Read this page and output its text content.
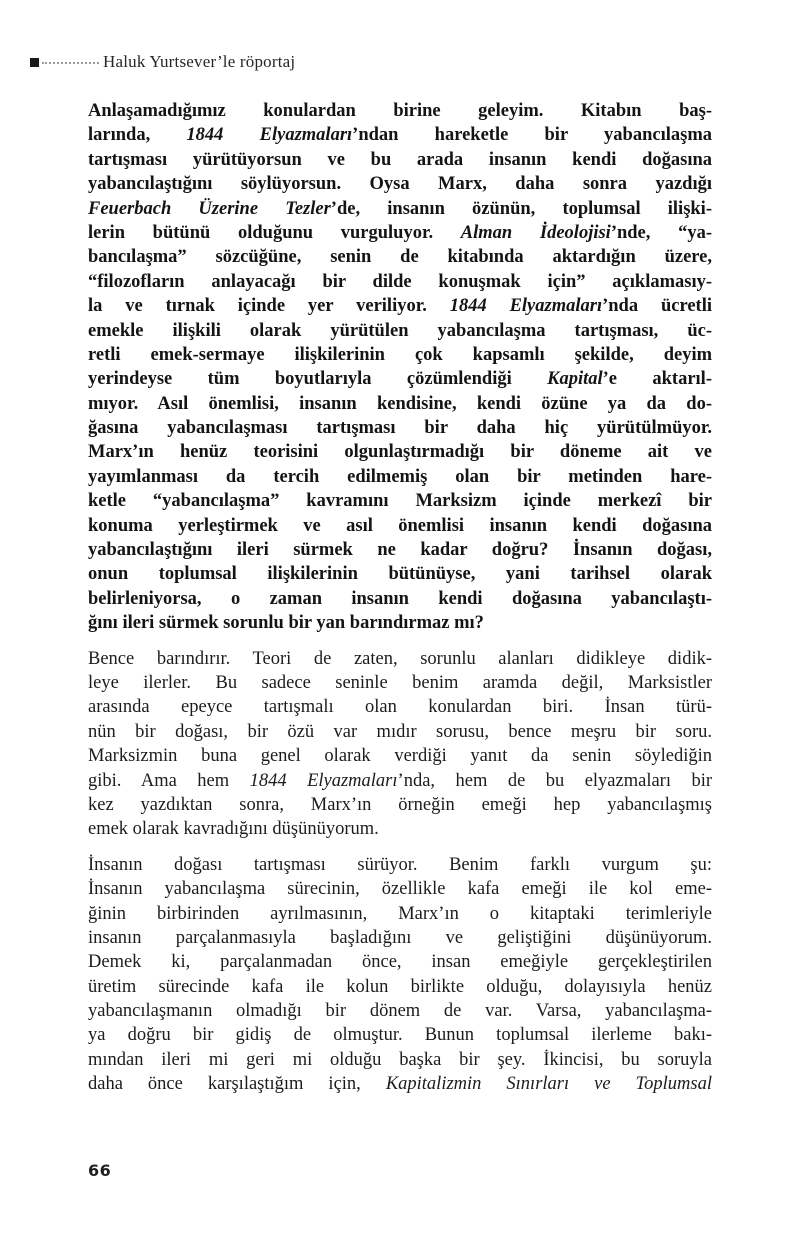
Haluk Yurtsever’le röportaj

Anlaşamadığımız konulardan birine geleyim. Kitabın baş-
larında, 1844 Elyazmaları’ndan hareketle bir yabancılaşma
tartışması yürütüyorsun ve bu arada insanın kendi doğasına
yabancılaştığını söylüyorsun. Oysa Marx, daha sonra yazdığı
Feuerbach Üzerine Tezler’de, insanın özünün, toplumsal ilişki-
lerin bütünü olduğunu vurguluyor. Alman İdeolojisi’nde, “ya-
bancılaşma” sözcüğüne, senin de kitabında aktardığın üzere,
“filozofların anlayacağı bir dilde konuşmak için” açıklamasıy-
la ve tırnak içinde yer veriliyor. 1844 Elyazmaları’nda ücretli
emekle ilişkili olarak yürütülen yabancılaşma tartışması, üc-
retli emek-sermaye ilişkilerinin çok kapsamlı şekilde, deyim
yerindeyse tüm boyutlarıyla çözümlendiği Kapital’e aktarıl-
mıyor. Asıl önemlisi, insanın kendisine, kendi özüne ya da do-
ğasına yabancılaşması tartışması bir daha hiç yürütülmüyor.
Marx’ın henüz teorisini olgunlaştırmadığı bir döneme ait ve
yayımlanması da tercih edilmemiş olan bir metinden hare-
ketle “yabancılaşma” kavramını Marksizm içinde merkezî bir
konuma yerleştirmek ve asıl önemlisi insanın kendi doğasına
yabancılaştığını ileri sürmek ne kadar doğru? İnsanın doğası,
onun toplumsal ilişkilerinin bütünüyse, yani tarihsel olarak
belirleniyorsa, o zaman insanın kendi doğasına yabancılaştı-
ğını ileri sürmek sorunlu bir yan barındırmaz mı?

Bence barındırır. Teori de zaten, sorunlu alanları didikleye didik-
leye ilerler. Bu sadece seninle benim aramda değil, Marksistler
arasında epeyce tartışmalı olan konulardan biri. İnsan türü-
nün bir doğası, bir özü var mıdır sorusu, bence meşru bir soru.
Marksizmin buna genel olarak verdiği yanıt da senin söylediğin
gibi. Ama hem 1844 Elyazmaları’nda, hem de bu elyazmaları bir
kez yazdıktan sonra, Marx’ın örneğin emeği hep yabancılaşmış
emek olarak kavradığını düşünüyorum.

İnsanın doğası tartışması sürüyor. Benim farklı vurgum şu:
İnsanın yabancılaşma sürecinin, özellikle kafa emeği ile kol eme-
ğinin birbirinden ayrılmasının, Marx’ın o kitaptaki terimleriyle
insanın parçalanmasıyla başladığını ve geliştiğini düşünüyorum.
Demek ki, parçalanmadan önce, insan emeğiyle gerçekleştirilen
üretim sürecinde kafa ile kolun birlikte olduğu, dolayısıyla henüz
yabancılaşmanın olmadığı bir dönem de var. Varsa, yabancılaşma-
ya doğru bir gidiş de olmuştur. Bunun toplumsal ilerleme bakı-
mından ileri mi geri mi olduğu başka bir şey. İkincisi, bu soruyla
daha önce karşılaştığım için, Kapitalizmin Sınırları ve Toplumsal

66
